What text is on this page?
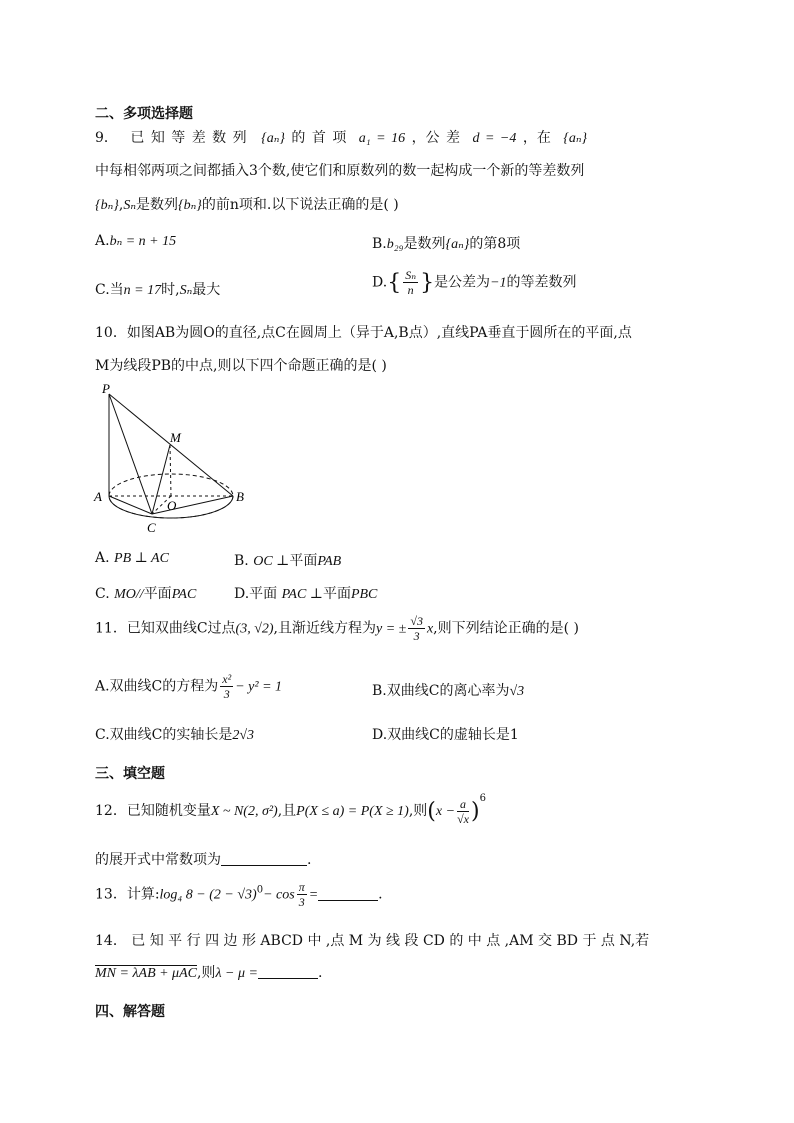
二、多项选择题
9． 已 知 等 差 数 列 {aₙ} 的 首 项 a₁ = 16 ，公 差 d = −4 ，在 {aₙ}
中每相邻两项之间都插入3个数,使它们和原数列的数一起构成一个新的等差数列
{bₙ},Sₙ是数列{bₙ}的前n项和.以下说法正确的是( )
A.bₙ = n + 15	B.b₂₉是数列{aₙ}的第8项
C.当n = 17时,Sₙ最大	$D.\{ \frac{\text{Sₙ}}{n}$ }是公差为−1的等差数列
10．如图AB为圆O的直径,点C在圆周上（异于A,B点）,直线PA垂直于圆所在的平面,点
M为线段PB的中点,则以下四个命题正确的是( )
P
M
A	B
O
C
A. PB ⊥ AC	B. OC ⊥平面PAB
C. MO//平面PAC	D.平面 PAC ⊥平面PBC
11．已知双曲线C过点(3, √2),且渐近线方程为y = ± $\frac{√3}{3} x$,则下列结论正确的是( )
A.双曲线C的方程为 $\frac{\text{x²}}{3} - y^2 = 1$	B.双曲线C的离心率为√3
C.双曲线C的实轴长是2√3	D.双曲线C的虚轴长是1
三、填空题
12．已知随机变量X ~ N(2, σ²),且P(X ≤ a) = P(X ≥ 1),则$(x - \frac{a}{√x} )^6$
的展开式中常数项为	.
13．计算:log₄ $8 - (2 - √3)^0- \cos \frac{\pi}{3}$ =	.
14． 已 知 平 行 四 边 形 ABCD 中 ,点 M 为 线 段 CD 的 中 点 ,AM 交 BD 于 点 N,若
MN = λAB + μAC,则λ − μ =	.
四、解答题
